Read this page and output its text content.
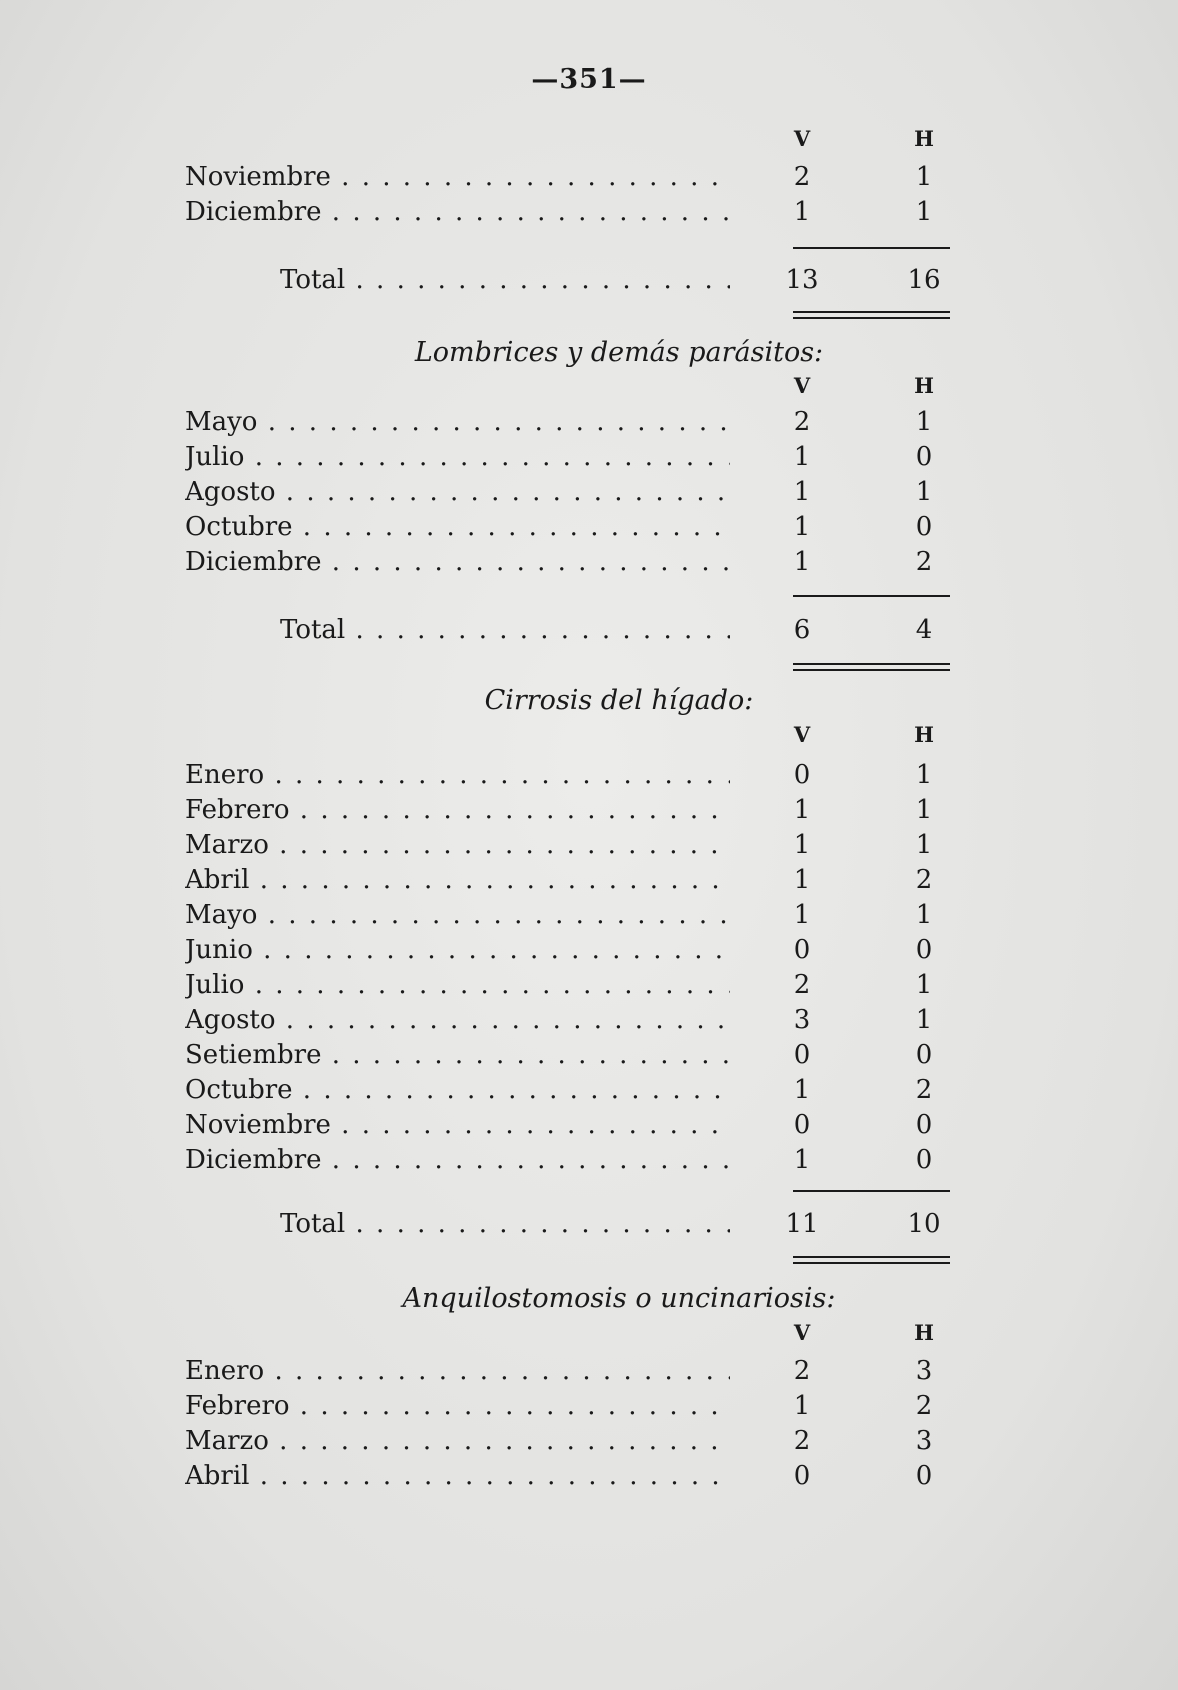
—351—
V	H
Noviembre . . .	2	1
Diciembre . . .	1	1
Total . . .	13	16
Lombrices y demás parásitos:
V	H
Mayo . . .	2	1
Julio . . .	1	0
Agosto . . .	1	1
Octubre . . .	1	0
Diciembre . . .	1	2
Total . . .	6	4
Cirrosis del hígado:
V	H
Enero . . .	0	1
Febrero . . .	1	1
Marzo . . .	1	1
Abril . . .	1	2
Mayo . . .	1	1
Junio . . .	0	0
Julio . . .	2	1
Agosto . . .	3	1
Setiembre . . .	0	0
Octubre . . .	1	2
Noviembre . . .	0	0
Diciembre . . .	1	0
Total . . .	11	10
Anquilostomosis o uncinariosis:
V	H
Enero . . .	2	3
Febrero . . .	1	2
Marzo . . .	2	3
Abril . . .	0	0
